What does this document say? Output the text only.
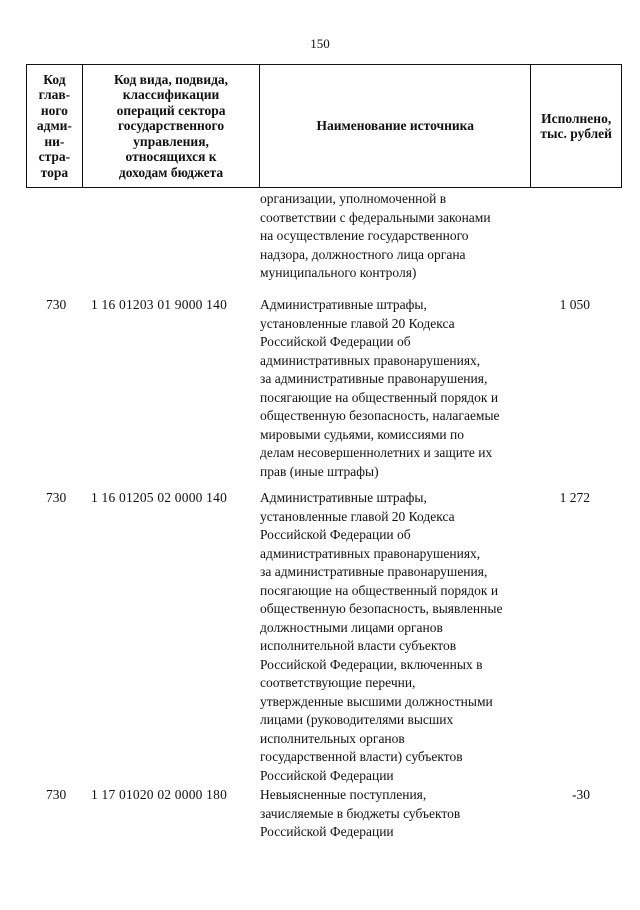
150
Код
глав-
ного
адми-
ни-
стра-
тора
Код вида, подвида,
классификации
операций сектора
государственного
управления,
относящихся к
доходам бюджета
Наименование источника
Исполнено,
тыс. рублей
организации, уполномоченной в
соответствии с федеральными законами
на осуществление государственного
надзора, должностного лица органа
муниципального контроля)
730 1 16 01203 01 9000 140 Административные штрафы,
установленные главой 20 Кодекса
Российской Федерации об
административных правонарушениях,
за административные правонарушения,
посягающие на общественный порядок и
общественную безопасность, налагаемые
мировыми судьями, комиссиями по
делам несовершеннолетних и защите их
прав (иные штрафы)
1 050
730 1 16 01205 02 0000 140 Административные штрафы,
установленные главой 20 Кодекса
Российской Федерации об
административных правонарушениях,
за административные правонарушения,
посягающие на общественный порядок и
общественную безопасность, выявленные
должностными лицами органов
исполнительной власти субъектов
Российской Федерации, включенных в
соответствующие перечни,
утвержденные высшими должностными
лицами (руководителями высших
исполнительных органов
государственной власти) субъектов
Российской Федерации
1 272
730 1 17 01020 02 0000 180 Невыясненные поступления,
зачисляемые в бюджеты субъектов
Российской Федерации
-30
